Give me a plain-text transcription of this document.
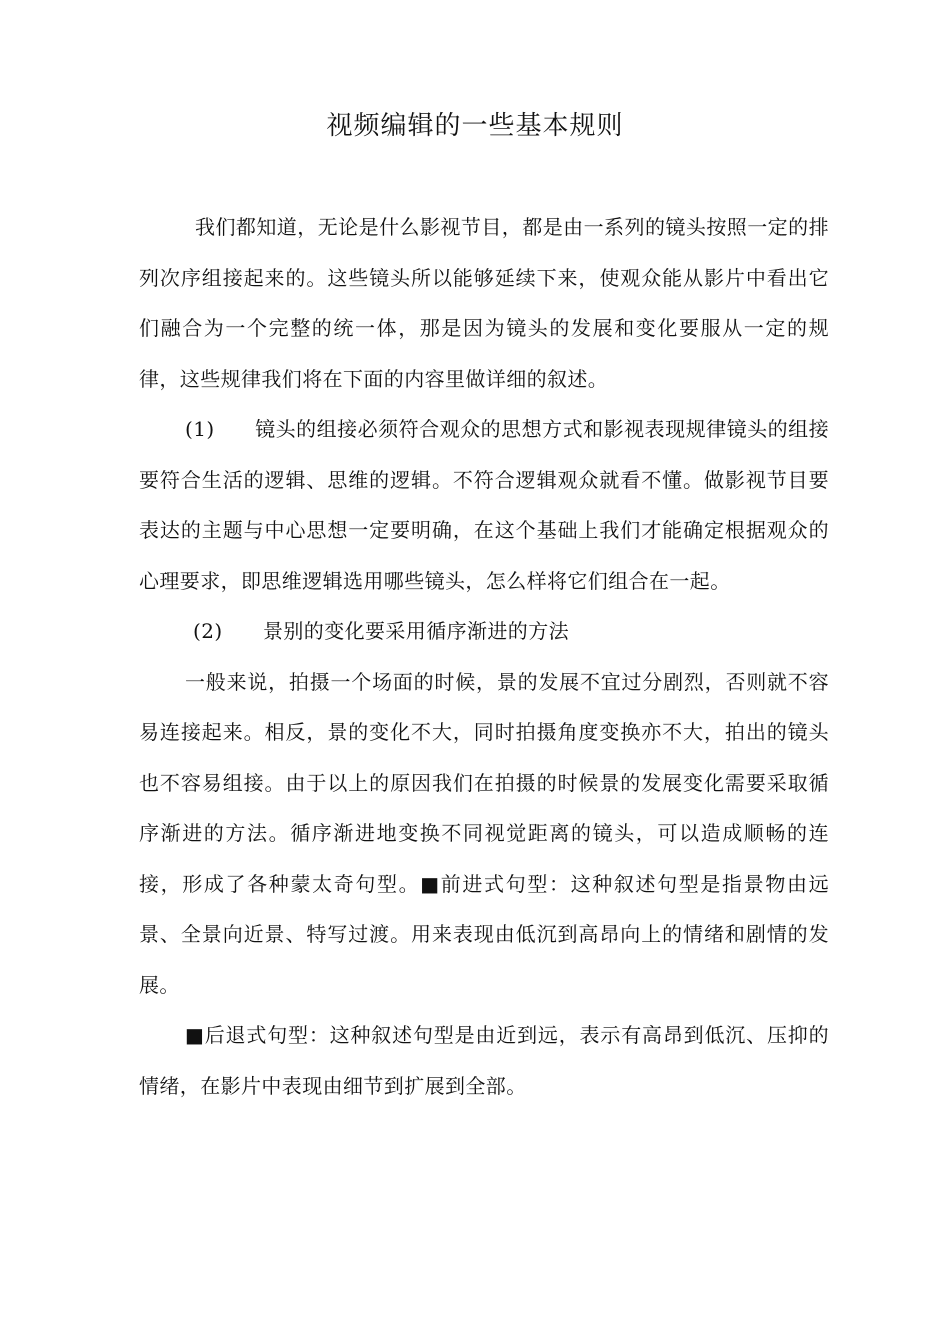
视频编辑的一些基本规则

我们都知道，无论是什么影视节目，都是由一系列的镜头按照一定的排列次序组接起来的。这些镜头所以能够延续下来，使观众能从影片中看出它们融合为一个完整的统一体，那是因为镜头的发展和变化要服从一定的规律，这些规律我们将在下面的内容里做详细的叙述。

(1) 镜头的组接必须符合观众的思想方式和影视表现规律镜头的组接要符合生活的逻辑、思维的逻辑。不符合逻辑观众就看不懂。做影视节目要表达的主题与中心思想一定要明确，在这个基础上我们才能确定根据观众的心理要求，即思维逻辑选用哪些镜头，怎么样将它们组合在一起。

(2) 景别的变化要采用循序渐进的方法

一般来说，拍摄一个场面的时候，景的发展不宜过分剧烈，否则就不容易连接起来。相反，景的变化不大，同时拍摄角度变换亦不大，拍出的镜头也不容易组接。由于以上的原因我们在拍摄的时候景的发展变化需要采取循序渐进的方法。循序渐进地变换不同视觉距离的镜头，可以造成顺畅的连接，形成了各种蒙太奇句型。■前进式句型：这种叙述句型是指景物由远景、全景向近景、特写过渡。用来表现由低沉到高昂向上的情绪和剧情的发展。

■后退式句型：这种叙述句型是由近到远，表示有高昂到低沉、压抑的情绪，在影片中表现由细节到扩展到全部。
